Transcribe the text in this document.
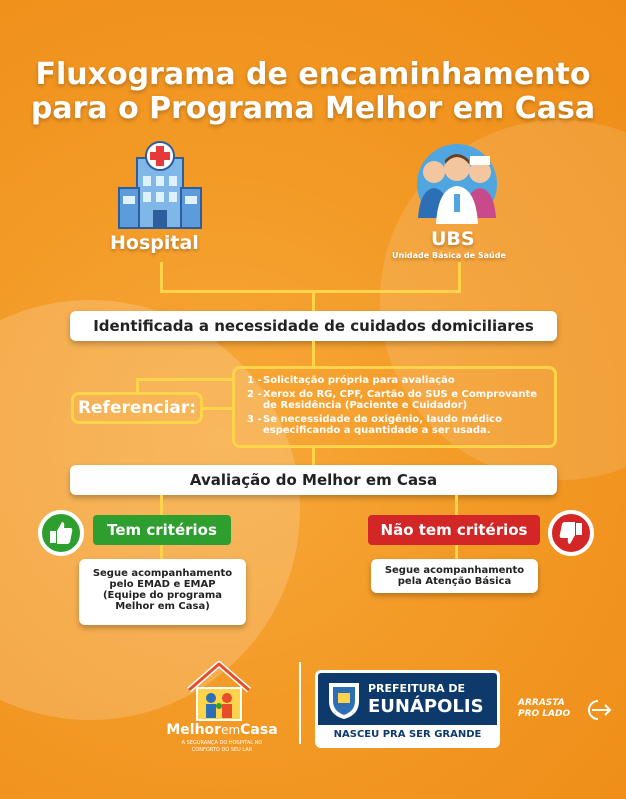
Fluxograma de encaminhamento
para o Programa Melhor em Casa
Hospital	UBS
Unidade Básica de Saúde
Identificada a necessidade de cuidados domiciliares
Referenciar:
1 - Solicitação própria para avaliação
2 - Xerox do RG, CPF, Cartão do SUS e Comprovante de Residência (Paciente e Cuidador)
3 - Se necessidade de oxigênio, laudo médico especificando a quantidade a ser usada.
Avaliação do Melhor em Casa
Tem critérios	Não tem critérios
Segue acompanhamento pelo EMAD e EMAP (Equipe do programa Melhor em Casa)
Segue acompanhamento pela Atenção Básica
MelhoremCasa
A SEGURANÇA DO HOSPITAL NO
CONFORTO DO SEU LAR
PREFEITURA DE
EUNÁPOLIS
NASCEU PRA SER GRANDE
ARRASTA
PRO LADO
